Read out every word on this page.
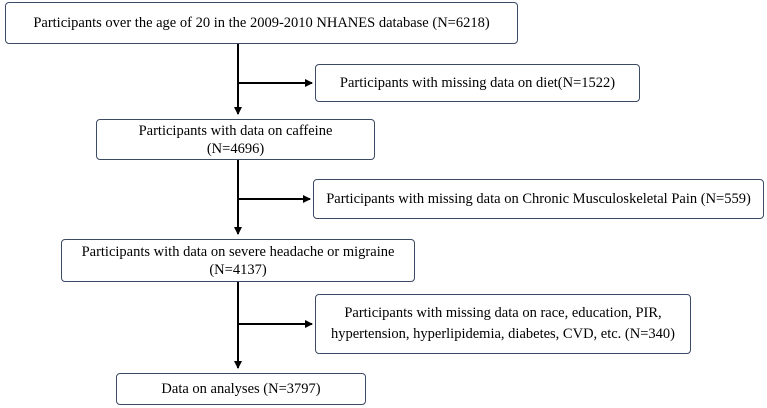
Participants over the age of 20 in the 2009-2010 NHANES database (N=6218)
Participants with data on caffeine
(N=4696)
Participants with data on severe headache or migraine
(N=4137)
Data on analyses (N=3797)
Participants with missing data on diet(N=1522)
Participants with missing data on Chronic Musculoskeletal Pain (N=559)
Participants with missing data on race, education, PIR,
hypertension, hyperlipidemia, diabetes, CVD, etc. (N=340)
